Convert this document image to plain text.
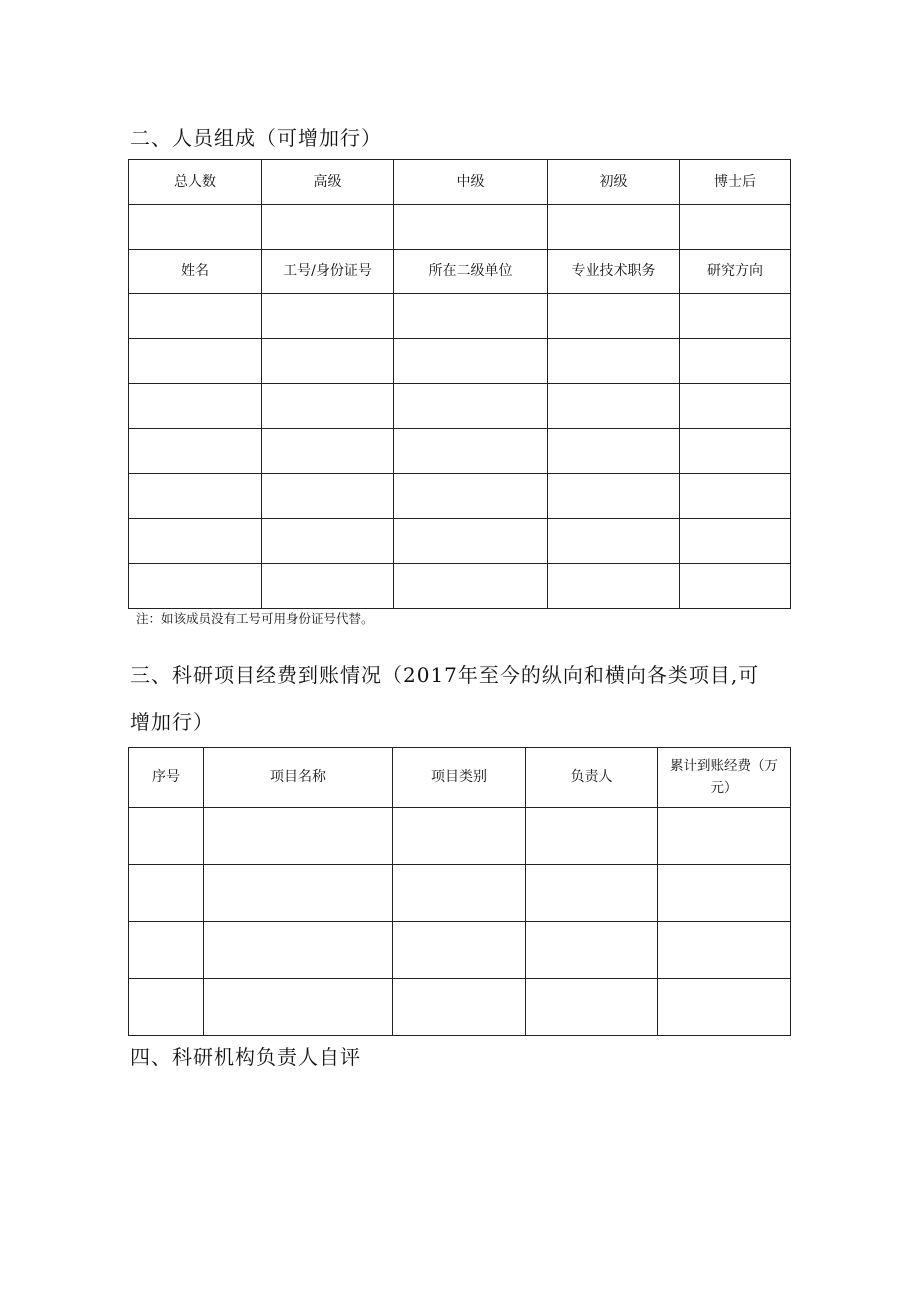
二、人员组成（可增加行）
总人数	高级	中级	初级	博士后

姓名	工号/身份证号	所在二级单位	专业技术职务	研究方向

注：如该成员没有工号可用身份证号代替。
三、科研项目经费到账情况（2017年至今的纵向和横向各类项目,可
增加行）
序号	项目名称	项目类别	负责人	累计到账经费（万元）

四、科研机构负责人自评
